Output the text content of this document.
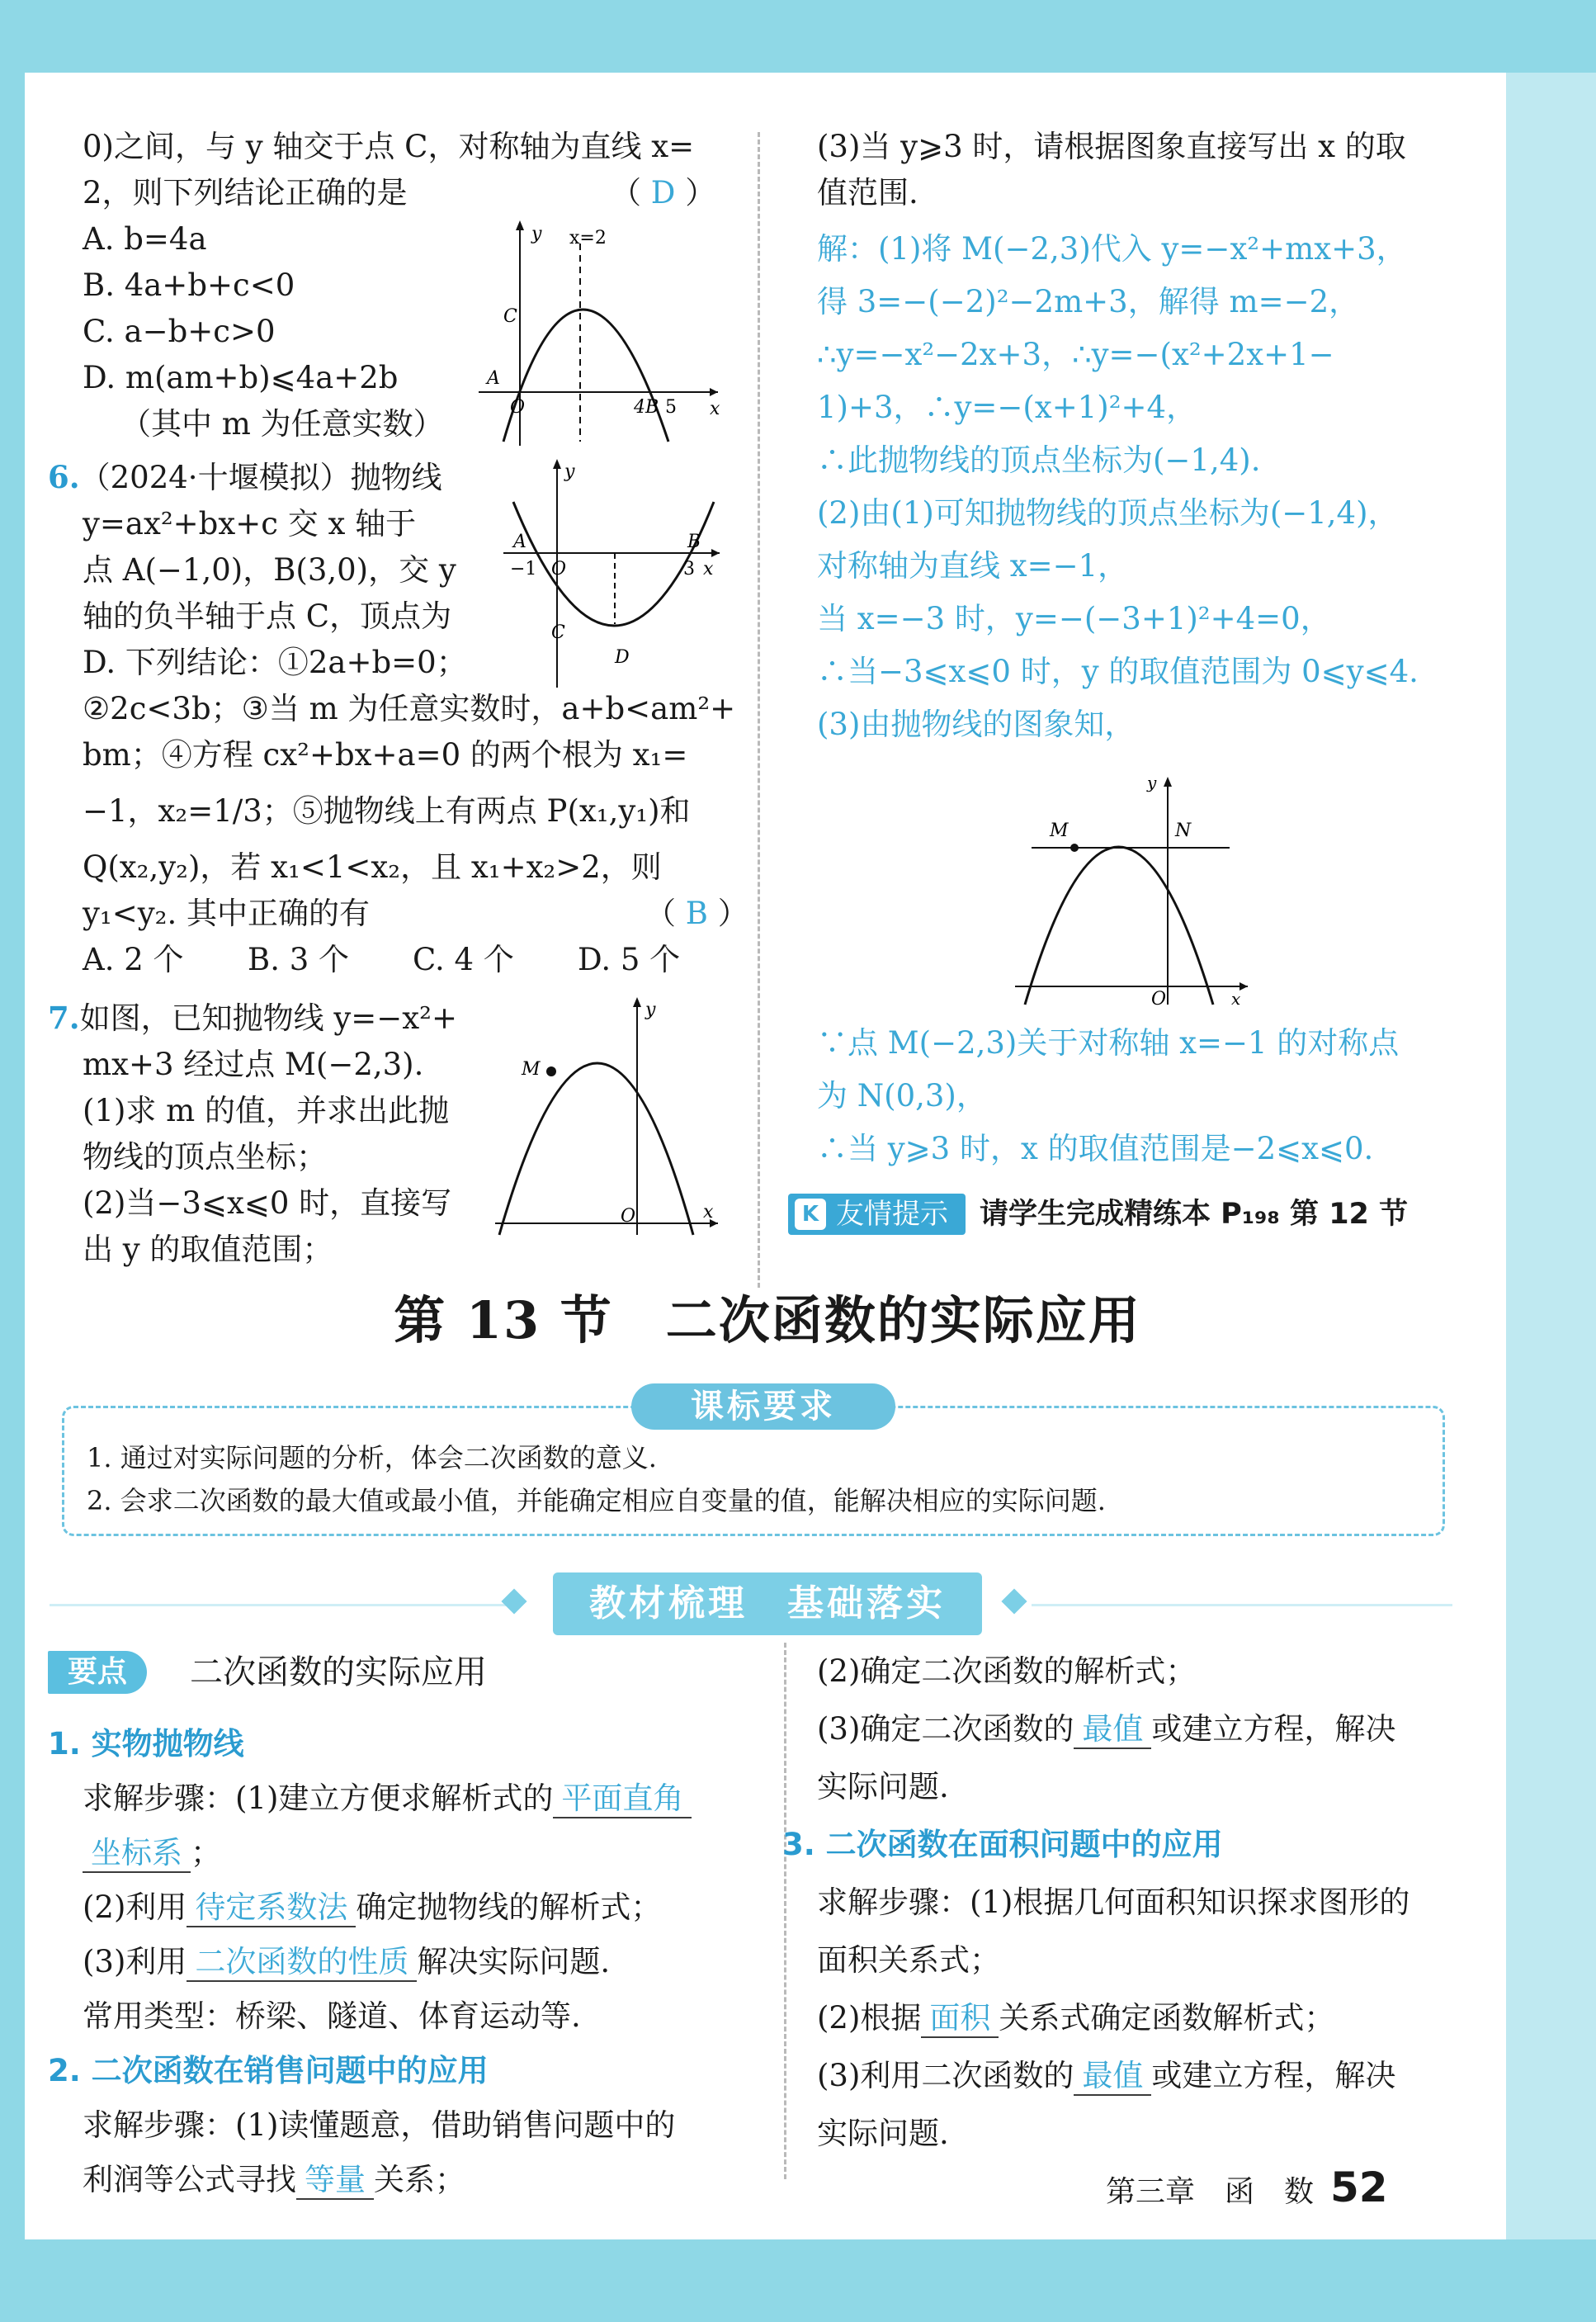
0)之间，与 y 轴交于点 C，对称轴为直线 x=
2，则下列结论正确的是	（ D ）
A. b=4a
B. 4a+b+c<0
C. a−b+c>0
D. m(am+b)⩽4a+2b
（其中 m 为任意实数）
y
x
x=2
C
A
O	4B 5
6.（2024·十堰模拟）抛物线
y=ax²+bx+c 交 x 轴于
点 A(−1,0)，B(3,0)，交 y
轴的负半轴于点 C，顶点为
D. 下列结论：①2a+b=0；
②2c<3b；③当 m 为任意实数时，a+b<am²+
bm；④方程 cx²+bx+a=0 的两个根为 x₁=
−1，x₂=1/3；⑤抛物线上有两点 P(x₁,y₁)和
Q(x₂,y₂)，若 x₁<1<x₂，且 x₁+x₂>2，则
y₁<y₂. 其中正确的有	（ B ）
A. 2 个 B. 3 个 C. 4 个 D. 5 个
y
x
A	B
−1 O	3
C
D
7.如图，已知抛物线 y=−x²+
mx+3 经过点 M(−2,3).
(1)求 m 的值，并求出此抛
物线的顶点坐标；
(2)当−3⩽x⩽0 时，直接写
出 y 的取值范围；
y
x
M
O
(3)当 y⩾3 时，请根据图象直接写出 x 的取
值范围.
解：(1)将 M(−2,3)代入 y=−x²+mx+3，
得 3=−(−2)²−2m+3，解得 m=−2，
∴y=−x²−2x+3，∴y=−(x²+2x+1−
1)+3，∴y=−(x+1)²+4，
∴此抛物线的顶点坐标为(−1,4).
(2)由(1)可知抛物线的顶点坐标为(−1,4)，
对称轴为直线 x=−1，
当 x=−3 时，y=−(−3+1)²+4=0，
∴当−3⩽x⩽0 时，y 的取值范围为 0⩽y⩽4.
(3)由抛物线的图象知，
y
x
M	N
O
∵点 M(−2,3)关于对称轴 x=−1 的对称点
为 N(0,3)，
∴当 y⩾3 时，x 的取值范围是−2⩽x⩽0.
K 友情提示	请学生完成精练本 P₁₉₈ 第 12 节
第 13 节　二次函数的实际应用
课标要求
1. 通过对实际问题的分析，体会二次函数的意义.
2. 会求二次函数的最大值或最小值，并能确定相应自变量的值，能解决相应的实际问题.
教材梳理　基础落实
要点	二次函数的实际应用
1. 实物抛物线
求解步骤：(1)建立方便求解析式的 平面直角
坐标系 ；
(2)利用 待定系数法 确定抛物线的解析式；
(3)利用 二次函数的性质 解决实际问题.
常用类型：桥梁、隧道、体育运动等.
2. 二次函数在销售问题中的应用
求解步骤：(1)读懂题意，借助销售问题中的
利润等公式寻找 等量 关系；
(2)确定二次函数的解析式；
(3)确定二次函数的 最值 或建立方程，解决
实际问题.
3. 二次函数在面积问题中的应用
求解步骤：(1)根据几何面积知识探求图形的
面积关系式；
(2)根据 面积 关系式确定函数解析式；
(3)利用二次函数的 最值 或建立方程，解决
实际问题.
第三章　函　数 52
